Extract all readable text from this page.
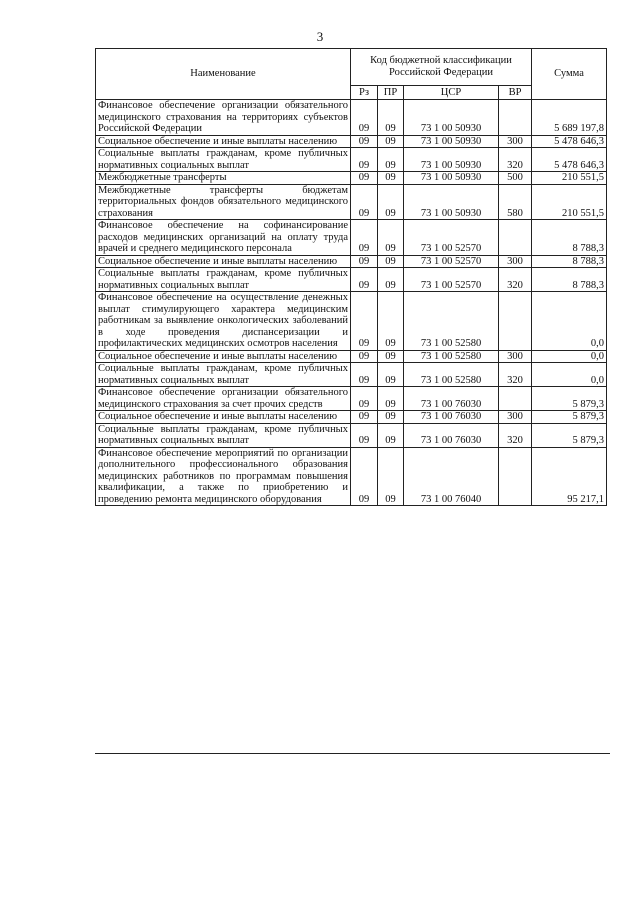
3
Наименование	Код бюджетной классификации Российской Федерации				Сумма
	Рз	ПР	ЦСР	ВР	
Финансовое обеспечение организации обязательного медицинского страхования на территориях субъектов Российской Федерации	09	09	73 1 00 50930		5 689 197,8
Социальное обеспечение и иные выплаты населению	09	09	73 1 00 50930	300	5 478 646,3
Социальные выплаты гражданам, кроме публичных нормативных социальных выплат	09	09	73 1 00 50930	320	5 478 646,3
Межбюджетные трансферты	09	09	73 1 00 50930	500	210 551,5
Межбюджетные трансферты бюджетам территориальных фондов обязательного медицинского страхования	09	09	73 1 00 50930	580	210 551,5
Финансовое обеспечение на софинансирование расходов медицинских организаций на оплату труда врачей и среднего медицинского персонала	09	09	73 1 00 52570		8 788,3
Социальное обеспечение и иные выплаты населению	09	09	73 1 00 52570	300	8 788,3
Социальные выплаты гражданам, кроме публичных нормативных социальных выплат	09	09	73 1 00 52570	320	8 788,3
Финансовое обеспечение на осуществление денежных выплат стимулирующего характера медицинским работникам за выявление онкологических заболеваний в ходе проведения диспансеризации и профилактических медицинских осмотров населения	09	09	73 1 00 52580		0,0
Социальное обеспечение и иные выплаты населению	09	09	73 1 00 52580	300	0,0
Социальные выплаты гражданам, кроме публичных нормативных социальных выплат	09	09	73 1 00 52580	320	0,0
Финансовое обеспечение организации обязательного медицинского страхования за счет прочих средств	09	09	73 1 00 76030		5 879,3
Социальное обеспечение и иные выплаты населению	09	09	73 1 00 76030	300	5 879,3
Социальные выплаты гражданам, кроме публичных нормативных социальных выплат	09	09	73 1 00 76030	320	5 879,3
Финансовое обеспечение мероприятий по организации дополнительного профессионального образования медицинских работников по программам повышения квалификации, а также по приобретению и проведению ремонта медицинского оборудования	09	09	73 1 00 76040		95 217,1
